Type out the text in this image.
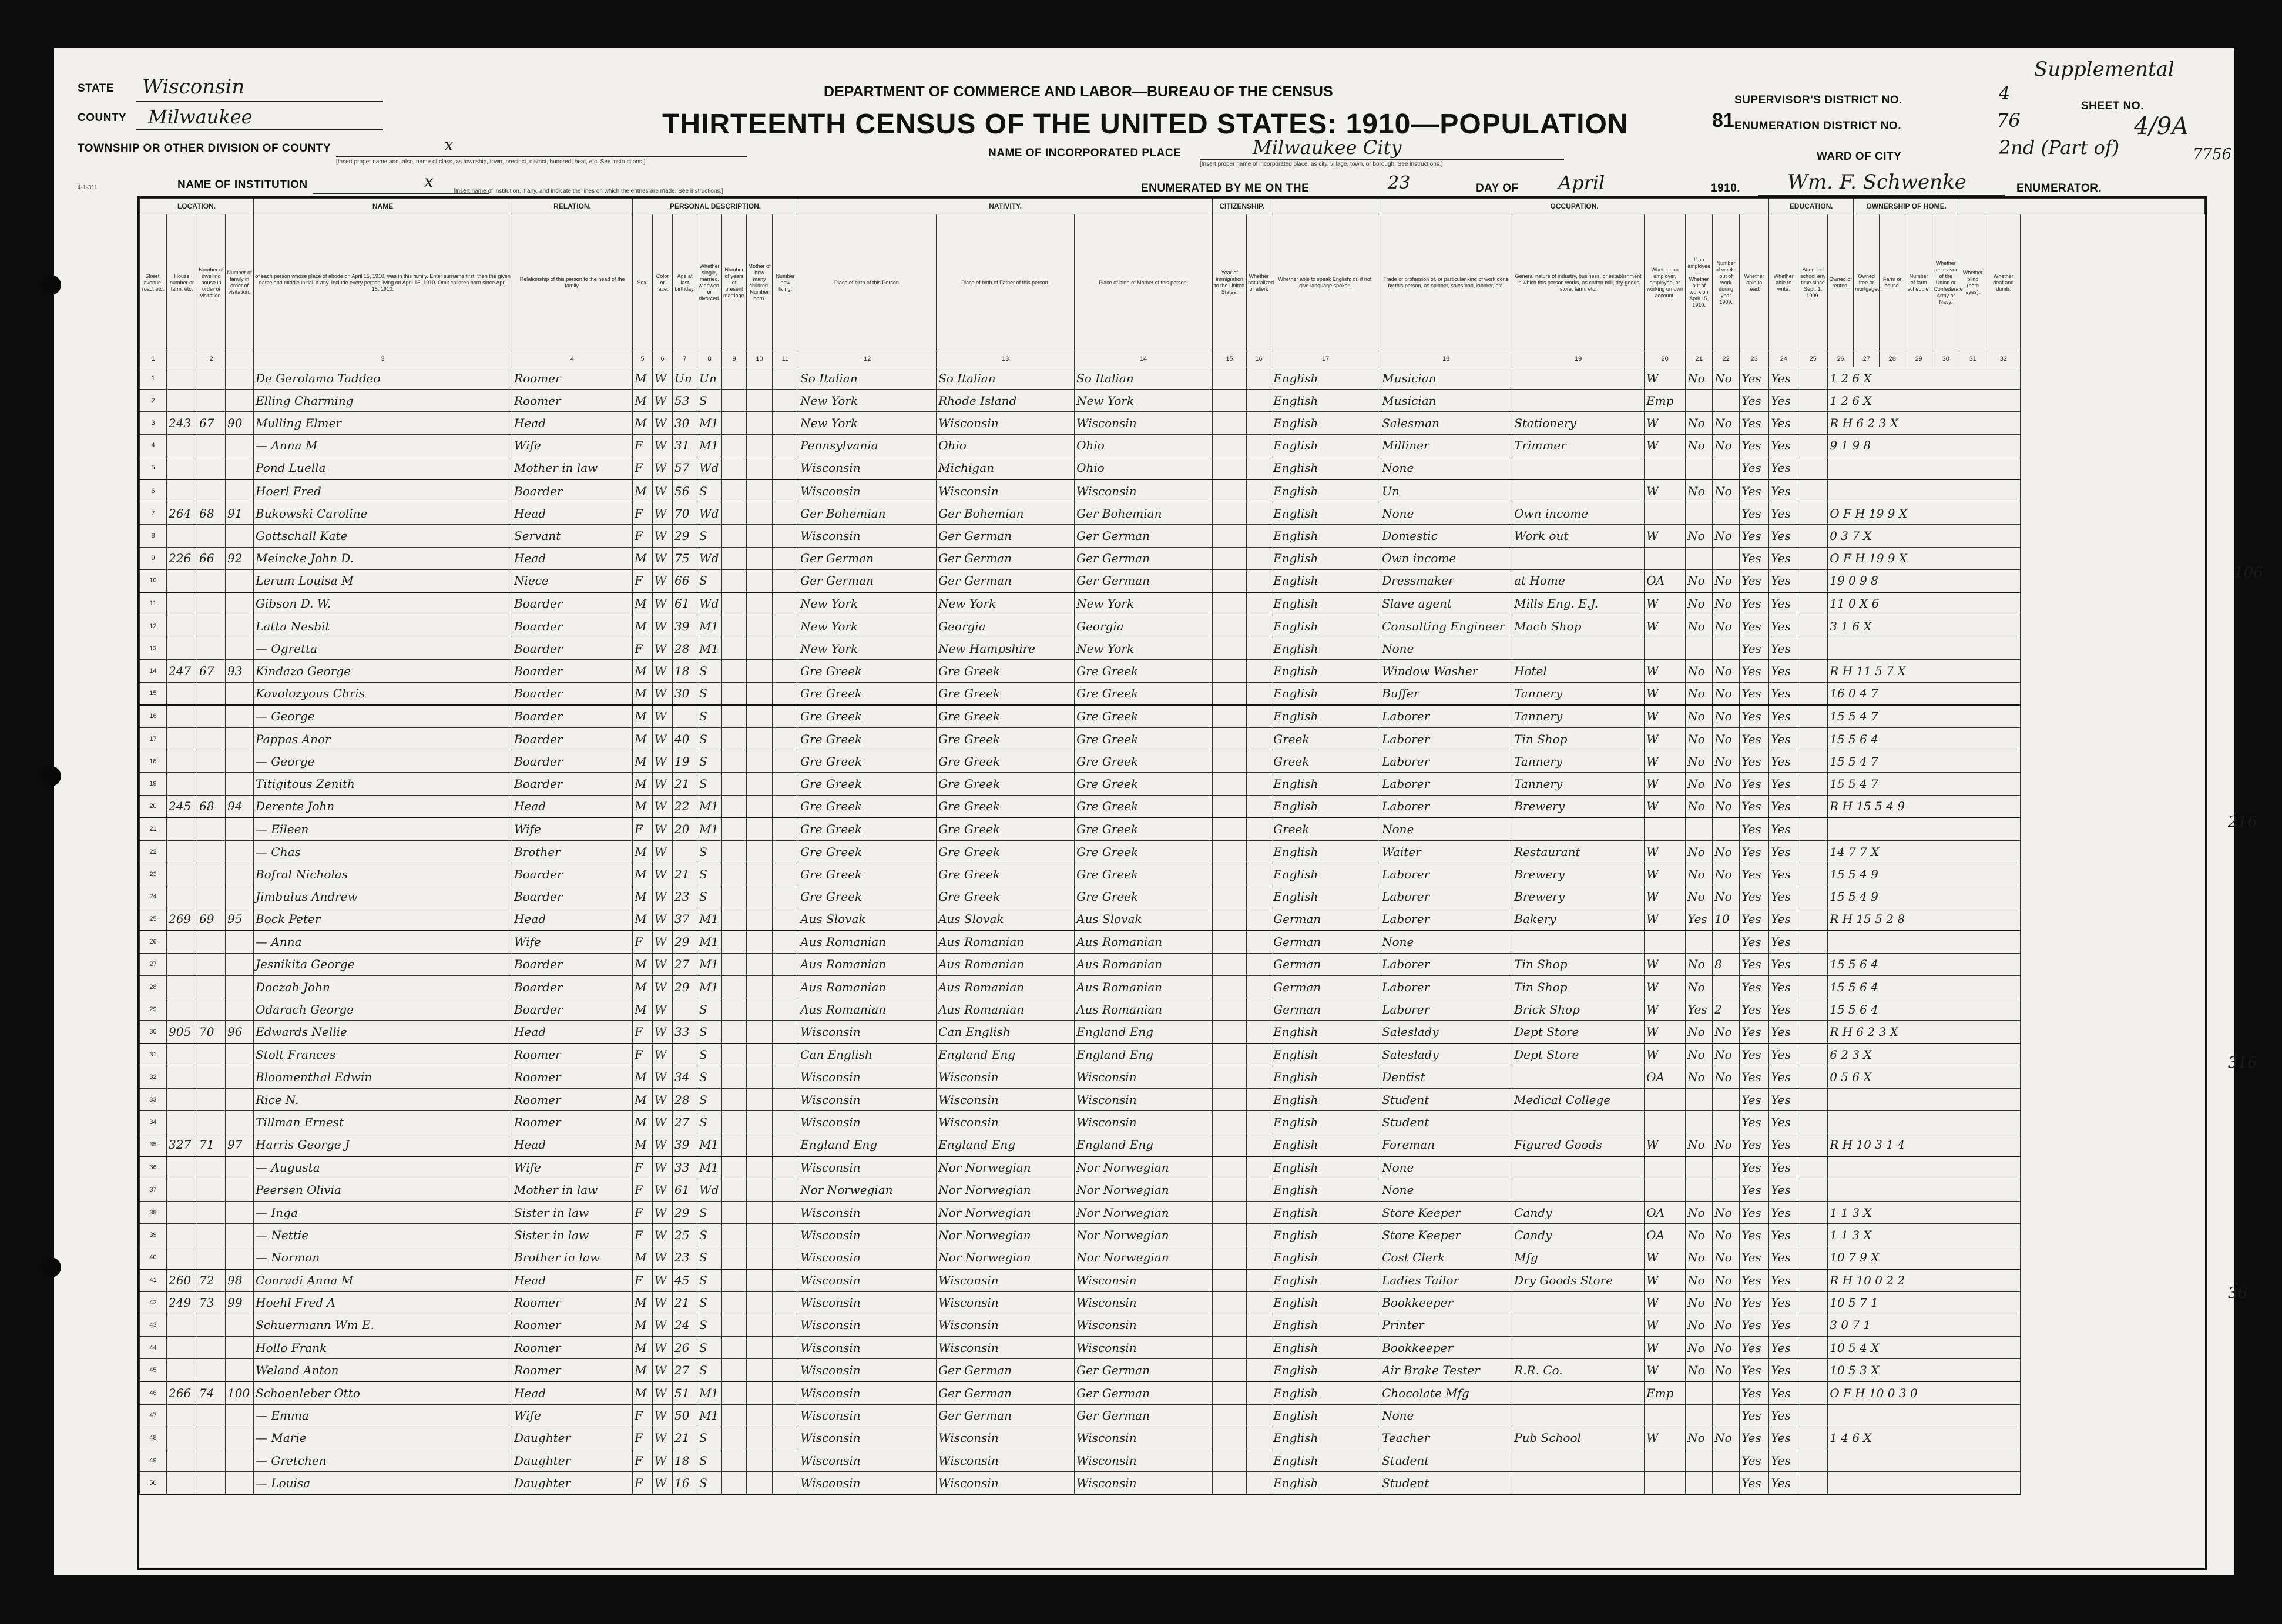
STATE Wisconsin
COUNTY Milwaukee
TOWNSHIP OR OTHER DIVISION OF COUNTY	x
[Insert proper name and, also, name of class, as township, town, precinct, district, hundred, beat, etc. See instructions.]
4-1-311	NAME OF INSTITUTION	x
[Insert name of institution, if any, and indicate the lines on which the entries are made. See instructions.]
DEPARTMENT OF COMMERCE AND LABOR—BUREAU OF THE CENSUS
THIRTEENTH CENSUS OF THE UNITED STATES: 1910—POPULATION	81
NAME OF INCORPORATED PLACE	Milwaukee City
[Insert proper name of incorporated place, as city, village, town, or borough. See instructions.]
ENUMERATED BY ME ON THE	23	DAY OF April	1910. Wm. F. Schwenke	ENUMERATOR.
SUPERVISOR'S DISTRICT NO.	4
Supplemental
SHEET NO.
4/9A
7756
ENUMERATION DISTRICT NO.	76
WARD OF CITY	2nd (Part of)
106
216
316
36
LOCATION.				NAME	RELATION.	PERSONAL DESCRIPTION.							NATIVITY.			CITIZENSHIP.			OCCUPATION.						EDUCATION.			OWNERSHIP OF HOME.					
Street, avenue, road, etc.	House number or farm, etc.	Number of dwelling house in order of visitation.	Number of family in order of visitation.	of each person whose place of abode on April 15, 1910, was in this family. Enter surname first, then the given name and middle initial, if any. Include every person living on April 15, 1910. Omit children born since April 15, 1910.	Relationship of this person to the head of the family.	Sex.	Color or race.	Age at last birthday.	Whether single, married, widowed, or divorced.	Number of years of present marriage.	Mother of how many children. Number born.	Number now living.	Place of birth of this Person.	Place of birth of Father of this person.	Place of birth of Mother of this person.	Year of immigration to the United States.	Whether naturalized or alien.	Whether able to speak English; or, if not, give language spoken.	Trade or profession of, or particular kind of work done by this person, as spinner, salesman, laborer, etc.	General nature of industry, business, or establishment in which this person works, as cotton mill, dry-goods store, farm, etc.	Whether an employer, employee, or working on own account.	If an employee— Whether out of work on April 15, 1910.	Number of weeks out of work during year 1909.	Whether able to read.	Whether able to write.	Attended school any time since Sept. 1, 1909.	Owned or rented.	Owned free or mortgaged.	Farm or house.	Number of farm schedule.	Whether a survivor of the Union or Confederate Army or Navy.	Whether blind (both eyes).	Whether deaf and dumb.
1		2		3	4	5	6	7	8	9	10	11	12	13	14	15	16	17	18	19	20	21	22	23	24	25	26	27	28	29	30	31	32
1				De Gerolamo Taddeo	Roomer	M	W	Un	Un				So Italian	So Italian	So Italian			English	Musician		W	No	No	Yes	Yes		1 2 6 X						
2				Elling Charming	Roomer	M	W	53	S				New York	Rhode Island	New York			English	Musician		Emp			Yes	Yes		1 2 6 X						
3	243	67	90	Mulling Elmer	Head	M	W	30	M1				New York	Wisconsin	Wisconsin			English	Salesman	Stationery	W	No	No	Yes	Yes		R H 6 2 3 X						
4				— Anna M	Wife	F	W	31	M1				Pennsylvania	Ohio	Ohio			English	Milliner	Trimmer	W	No	No	Yes	Yes		9 1 9 8						
5				Pond Luella	Mother in law	F	W	57	Wd				Wisconsin	Michigan	Ohio			English	None					Yes	Yes								
6				Hoerl Fred	Boarder	M	W	56	S				Wisconsin	Wisconsin	Wisconsin			English	Un		W	No	No	Yes	Yes								
7	264	68	91	Bukowski Caroline	Head	F	W	70	Wd				Ger Bohemian	Ger Bohemian	Ger Bohemian			English	None	Own income				Yes	Yes		O F H 19 9 X						
8				Gottschall Kate	Servant	F	W	29	S				Wisconsin	Ger German	Ger German			English	Domestic	Work out	W	No	No	Yes	Yes		0 3 7 X						
9	226	66	92	Meincke John D.	Head	M	W	75	Wd				Ger German	Ger German	Ger German			English	Own income					Yes	Yes		O F H 19 9 X						
10				Lerum Louisa M	Niece	F	W	66	S				Ger German	Ger German	Ger German			English	Dressmaker	at Home	OA	No	No	Yes	Yes		19 0 9 8						
11				Gibson D. W.	Boarder	M	W	61	Wd				New York	New York	New York			English	Slave agent	Mills Eng. E.J.	W	No	No	Yes	Yes		11 0 X 6						
12				Latta Nesbit	Boarder	M	W	39	M1				New York	Georgia	Georgia			English	Consulting Engineer	Mach Shop	W	No	No	Yes	Yes		3 1 6 X						
13				— Ogretta	Boarder	F	W	28	M1				New York	New Hampshire	New York			English	None					Yes	Yes								
14	247	67	93	Kindazo George	Boarder	M	W	18	S				Gre Greek	Gre Greek	Gre Greek			English	Window Washer	Hotel	W	No	No	Yes	Yes		R H 11 5 7 X						
15				Kovolozyous Chris	Boarder	M	W	30	S				Gre Greek	Gre Greek	Gre Greek			English	Buffer	Tannery	W	No	No	Yes	Yes		16 0 4 7						
16				— George	Boarder	M	W		S				Gre Greek	Gre Greek	Gre Greek			English	Laborer	Tannery	W	No	No	Yes	Yes		15 5 4 7						
17				Pappas Anor	Boarder	M	W	40	S				Gre Greek	Gre Greek	Gre Greek			Greek	Laborer	Tin Shop	W	No	No	Yes	Yes		15 5 6 4						
18				— George	Boarder	M	W	19	S				Gre Greek	Gre Greek	Gre Greek			Greek	Laborer	Tannery	W	No	No	Yes	Yes		15 5 4 7						
19				Titigitous Zenith	Boarder	M	W	21	S				Gre Greek	Gre Greek	Gre Greek			English	Laborer	Tannery	W	No	No	Yes	Yes		15 5 4 7						
20	245	68	94	Derente John	Head	M	W	22	M1				Gre Greek	Gre Greek	Gre Greek			English	Laborer	Brewery	W	No	No	Yes	Yes		R H 15 5 4 9						
21				— Eileen	Wife	F	W	20	M1				Gre Greek	Gre Greek	Gre Greek			Greek	None					Yes	Yes								
22				— Chas	Brother	M	W		S				Gre Greek	Gre Greek	Gre Greek			English	Waiter	Restaurant	W	No	No	Yes	Yes		14 7 7 X						
23				Bofral Nicholas	Boarder	M	W	21	S				Gre Greek	Gre Greek	Gre Greek			English	Laborer	Brewery	W	No	No	Yes	Yes		15 5 4 9						
24				Jimbulus Andrew	Boarder	M	W	23	S				Gre Greek	Gre Greek	Gre Greek			English	Laborer	Brewery	W	No	No	Yes	Yes		15 5 4 9						
25	269	69	95	Bock Peter	Head	M	W	37	M1				Aus Slovak	Aus Slovak	Aus Slovak			German	Laborer	Bakery	W	Yes	10	Yes	Yes		R H 15 5 2 8						
26				— Anna	Wife	F	W	29	M1				Aus Romanian	Aus Romanian	Aus Romanian			German	None					Yes	Yes								
27				Jesnikita George	Boarder	M	W	27	M1				Aus Romanian	Aus Romanian	Aus Romanian			German	Laborer	Tin Shop	W	No	8	Yes	Yes		15 5 6 4						
28				Doczah John	Boarder	M	W	29	M1				Aus Romanian	Aus Romanian	Aus Romanian			German	Laborer	Tin Shop	W	No		Yes	Yes		15 5 6 4						
29				Odarach George	Boarder	M	W		S				Aus Romanian	Aus Romanian	Aus Romanian			German	Laborer	Brick Shop	W	Yes	2	Yes	Yes		15 5 6 4						
30	905	70	96	Edwards Nellie	Head	F	W	33	S				Wisconsin	Can English	England Eng			English	Saleslady	Dept Store	W	No	No	Yes	Yes		R H 6 2 3 X						
31				Stolt Frances	Roomer	F	W		S				Can English	England Eng	England Eng			English	Saleslady	Dept Store	W	No	No	Yes	Yes		6 2 3 X						
32				Bloomenthal Edwin	Roomer	M	W	34	S				Wisconsin	Wisconsin	Wisconsin			English	Dentist		OA	No	No	Yes	Yes		0 5 6 X						
33				Rice N.	Roomer	M	W	28	S				Wisconsin	Wisconsin	Wisconsin			English	Student	Medical College				Yes	Yes								
34				Tillman Ernest	Roomer	M	W	27	S				Wisconsin	Wisconsin	Wisconsin			English	Student					Yes	Yes								
35	327	71	97	Harris George J	Head	M	W	39	M1				England Eng	England Eng	England Eng			English	Foreman	Figured Goods	W	No	No	Yes	Yes		R H 10 3 1 4						
36				— Augusta	Wife	F	W	33	M1				Wisconsin	Nor Norwegian	Nor Norwegian			English	None					Yes	Yes								
37				Peersen Olivia	Mother in law	F	W	61	Wd				Nor Norwegian	Nor Norwegian	Nor Norwegian			English	None					Yes	Yes								
38				— Inga	Sister in law	F	W	29	S				Wisconsin	Nor Norwegian	Nor Norwegian			English	Store Keeper	Candy	OA	No	No	Yes	Yes		1 1 3 X						
39				— Nettie	Sister in law	F	W	25	S				Wisconsin	Nor Norwegian	Nor Norwegian			English	Store Keeper	Candy	OA	No	No	Yes	Yes		1 1 3 X						
40				— Norman	Brother in law	M	W	23	S				Wisconsin	Nor Norwegian	Nor Norwegian			English	Cost Clerk	Mfg	W	No	No	Yes	Yes		10 7 9 X						
41	260	72	98	Conradi Anna M	Head	F	W	45	S				Wisconsin	Wisconsin	Wisconsin			English	Ladies Tailor	Dry Goods Store	W	No	No	Yes	Yes		R H 10 0 2 2						
42	249	73	99	Hoehl Fred A	Roomer	M	W	21	S				Wisconsin	Wisconsin	Wisconsin			English	Bookkeeper		W	No	No	Yes	Yes		10 5 7 1						
43				Schuermann Wm E.	Roomer	M	W	24	S				Wisconsin	Wisconsin	Wisconsin			English	Printer		W	No	No	Yes	Yes		3 0 7 1						
44				Hollo Frank	Roomer	M	W	26	S				Wisconsin	Wisconsin	Wisconsin			English	Bookkeeper		W	No	No	Yes	Yes		10 5 4 X						
45				Weland Anton	Roomer	M	W	27	S				Wisconsin	Ger German	Ger German			English	Air Brake Tester	R.R. Co.	W	No	No	Yes	Yes		10 5 3 X						
46	266	74	100	Schoenleber Otto	Head	M	W	51	M1				Wisconsin	Ger German	Ger German			English	Chocolate Mfg		Emp			Yes	Yes		O F H 10 0 3 0						
47				— Emma	Wife	F	W	50	M1				Wisconsin	Ger German	Ger German			English	None					Yes	Yes								
48				— Marie	Daughter	F	W	21	S				Wisconsin	Wisconsin	Wisconsin			English	Teacher	Pub School	W	No	No	Yes	Yes		1 4 6 X						
49				— Gretchen	Daughter	F	W	18	S				Wisconsin	Wisconsin	Wisconsin			English	Student					Yes	Yes								
50				— Louisa	Daughter	F	W	16	S				Wisconsin	Wisconsin	Wisconsin			English	Student					Yes	Yes								
